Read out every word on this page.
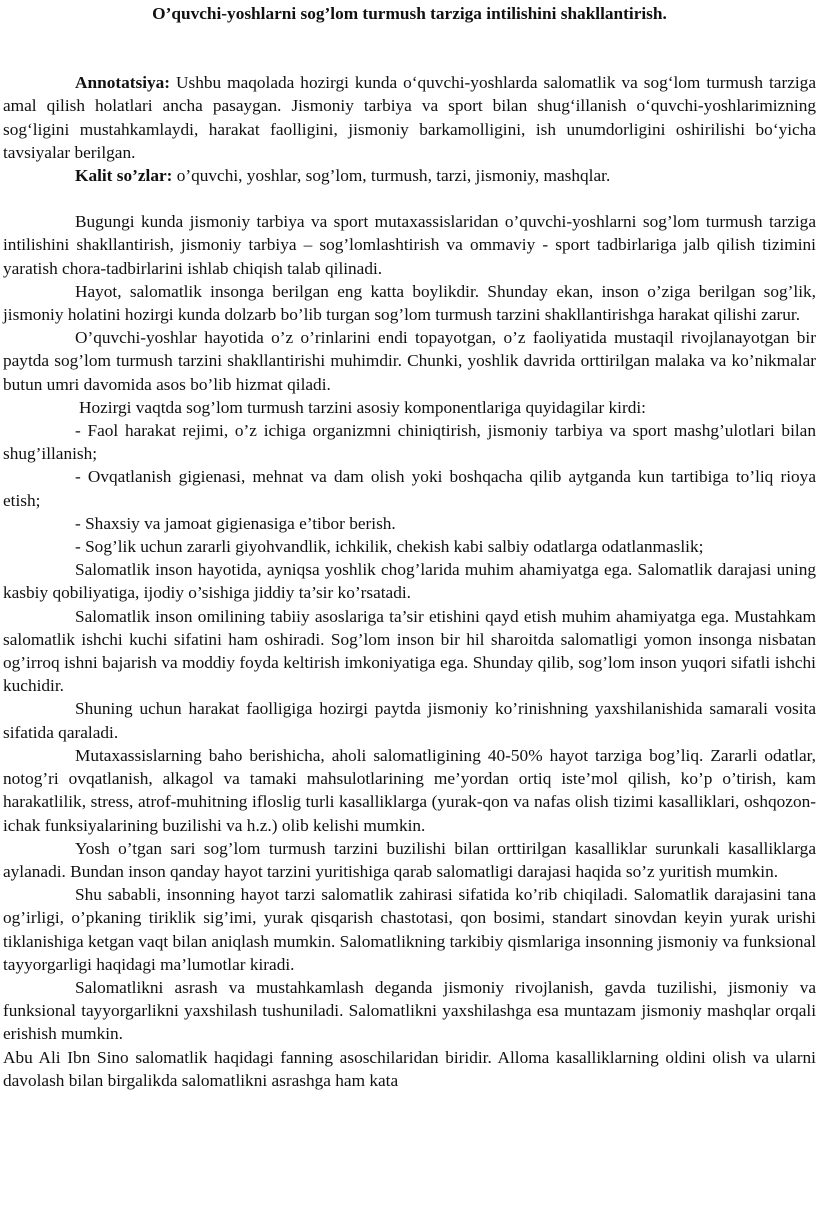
O’quvchi-yoshlarni sog’lom turmush tarziga intilishini shakllantirish.

Annotatsiya: Ushbu maqolada hozirgi kunda o‘quvchi-yoshlarda salomatlik va sog‘lom turmush tarziga amal qilish holatlari ancha pasaygan. Jismoniy tarbiya va sport bilan shug‘illanish o‘quvchi-yoshlarimizning sog‘ligini mustahkamlaydi, harakat faolligini, jismoniy barkamolligini, ish unumdorligini oshirilishi bo‘yicha tavsiyalar berilgan.

Kalit so’zlar: o’quvchi, yoshlar, sog’lom, turmush, tarzi, jismoniy, mashqlar.

Bugungi kunda jismoniy tarbiya va sport mutaxassislaridan o’quvchi-yoshlarni sog’lom turmush tarziga intilishini shakllantirish, jismoniy tarbiya – sog’lomlashtirish va ommaviy - sport tadbirlariga jalb qilish tizimini yaratish chora-tadbirlarini ishlab chiqish talab qilinadi.

Hayot, salomatlik insonga berilgan eng katta boylikdir. Shunday ekan, inson o’ziga berilgan sog’lik, jismoniy holatini hozirgi kunda dolzarb bo’lib turgan sog’lom turmush tarzini shakllantirishga harakat qilishi zarur.

O’quvchi-yoshlar hayotida o’z o’rinlarini endi topayotgan, o’z faoliyatida mustaqil rivojlanayotgan bir paytda sog’lom turmush tarzini shakllantirishi muhimdir. Chunki, yoshlik davrida orttirilgan malaka va ko’nikmalar butun umri davomida asos bo’lib hizmat qiladi.

Hozirgi vaqtda sog’lom turmush tarzini asosiy komponentlariga quyidagilar kirdi:

- Faol harakat rejimi, o’z ichiga organizmni chiniqtirish, jismoniy tarbiya va sport mashg’ulotlari bilan shug’illanish;

- Ovqatlanish gigienasi, mehnat va dam olish yoki boshqacha qilib aytganda kun tartibiga to’liq rioya etish;

- Shaxsiy va jamoat gigienasiga e’tibor berish.

- Sog’lik uchun zararli giyohvandlik, ichkilik, chekish kabi salbiy odatlarga odatlanmaslik;

Salomatlik inson hayotida, ayniqsa yoshlik chog’larida muhim ahamiyatga ega. Salomatlik darajasi uning kasbiy qobiliyatiga, ijodiy o’sishiga jiddiy ta’sir ko’rsatadi.

Salomatlik inson omilining tabiiy asoslariga ta’sir etishini qayd etish muhim ahamiyatga ega. Mustahkam salomatlik ishchi kuchi sifatini ham oshiradi. Sog’lom inson bir hil sharoitda salomatligi yomon insonga nisbatan og’irroq ishni bajarish va moddiy foyda keltirish imkoniyatiga ega. Shunday qilib, sog’lom inson yuqori sifatli ishchi kuchidir.

Shuning uchun harakat faolligiga hozirgi paytda jismoniy ko’rinishning yaxshilanishida samarali vosita sifatida qaraladi.

Mutaxassislarning baho berishicha, aholi salomatligining 40-50% hayot tarziga bog’liq. Zararli odatlar, notog’ri ovqatlanish, alkagol va tamaki mahsulotlarining me’yordan ortiq iste’mol qilish, ko’p o’tirish, kam harakatlilik, stress, atrof-muhitning ifloslig turli kasalliklarga (yurak-qon va nafas olish tizimi kasalliklari, oshqozon-ichak funksiyalarining buzilishi va h.z.) olib kelishi mumkin.

Yosh o’tgan sari sog’lom turmush tarzini buzilishi bilan orttirilgan kasalliklar surunkali kasalliklarga aylanadi. Bundan inson qanday hayot tarzini yuritishiga qarab salomatligi darajasi haqida so’z yuritish mumkin.

Shu sababli, insonning hayot tarzi salomatlik zahirasi sifatida ko’rib chiqiladi. Salomatlik darajasini tana og’irligi, o’pkaning tiriklik sig’imi, yurak qisqarish chastotasi, qon bosimi, standart sinovdan keyin yurak urishi tiklanishiga ketgan vaqt bilan aniqlash mumkin. Salomatlikning tarkibiy qismlariga insonning jismoniy va funksional tayyorgarligi haqidagi ma’lumotlar kiradi.

Salomatlikni asrash va mustahkamlash deganda jismoniy rivojlanish, gavda tuzilishi, jismoniy va funksional tayyorgarlikni yaxshilash tushuniladi. Salomatlikni yaxshilashga esa muntazam jismoniy mashqlar orqali erishish mumkin.

Abu Ali Ibn Sino salomatlik haqidagi fanning asoschilaridan biridir. Alloma kasalliklarning oldini olish va ularni davolash bilan birgalikda salomatlikni asrashga ham kata
